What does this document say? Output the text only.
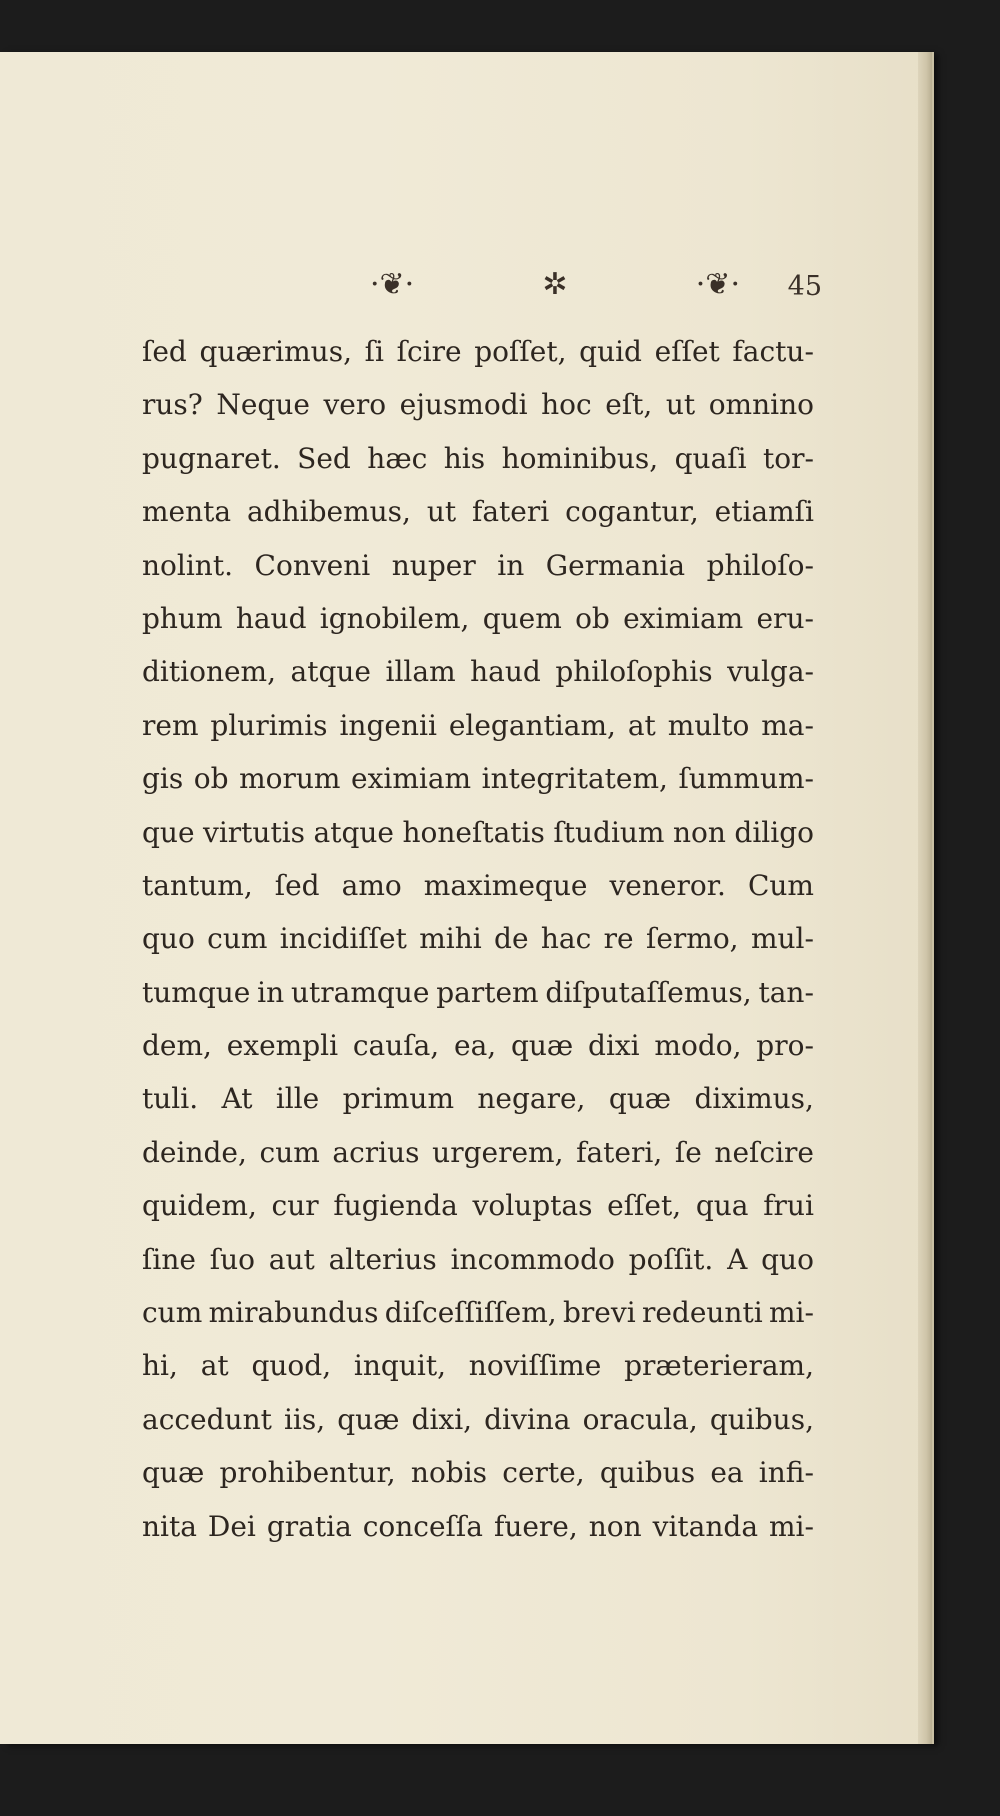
·❦·	✲	·❦· 45
ſed quærimus, ſi ſcire poſſet, quid eſſet factu-
rus? Neque vero ejusmodi hoc eſt, ut omnino
pugnaret. Sed hæc his hominibus, quaſi tor-
menta adhibemus, ut fateri cogantur, etiamſi
nolint. Conveni nuper in Germania philoſo-
phum haud ignobilem, quem ob eximiam eru-
ditionem, atque illam haud philoſophis vulga-
rem plurimis ingenii elegantiam, at multo ma-
gis ob morum eximiam integritatem, ſummum-
que virtutis atque honeſtatis ſtudium non diligo
tantum, ſed amo maximeque veneror. Cum
quo cum incidiſſet mihi de hac re ſermo, mul-
tumque in utramque partem diſputaſſemus, tan-
dem, exempli cauſa, ea, quæ dixi modo, pro-
tuli. At ille primum negare, quæ diximus,
deinde, cum acrius urgerem, fateri, ſe neſcire
quidem, cur fugienda voluptas eſſet, qua frui
ſine ſuo aut alterius incommodo poſſit. A quo
cum mirabundus diſceſſiſſem, brevi redeunti mi-
hi, at quod, inquit, noviſſime præterieram,
accedunt iis, quæ dixi, divina oracula, quibus,
quæ prohibentur, nobis certe, quibus ea infi-
nita Dei gratia conceſſa fuere, non vitanda mi-
